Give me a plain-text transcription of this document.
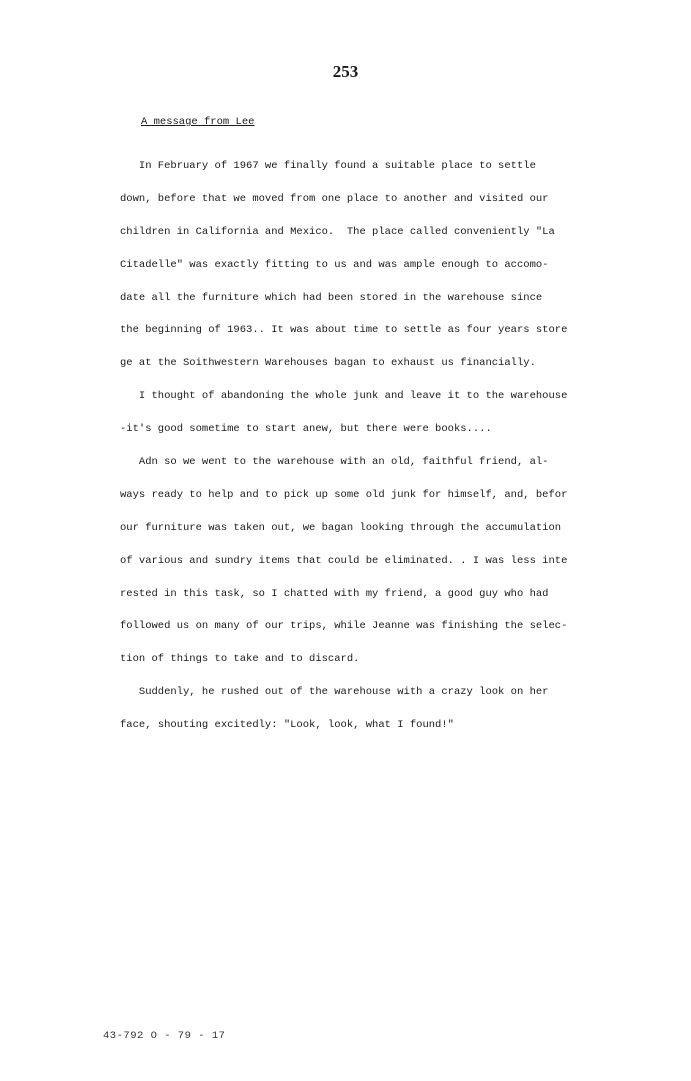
253
A message from Lee
In February of 1967 we finally found a suitable place to settle
down, before that we moved from one place to another and visited our
children in California and Mexico.  The place called conveniently "La
Citadelle" was exactly fitting to us and was ample enough to accomo-
date all the furniture which had been stored in the warehouse since
the beginning of 1963.. It was about time to settle as four years store
ge at the Soithwestern Warehouses bagan to exhaust us financially.
I thought of abandoning the whole junk and leave it to the warehouse
-it's good sometime to start anew, but there were books....
Adn so we went to the warehouse with an old, faithful friend, al-
ways ready to help and to pick up some old junk for himself, and, befor
our furniture was taken out, we bagan looking through the accumulation
of various and sundry items that could be eliminated. . I was less inte
rested in this task, so I chatted with my friend, a good guy who had
followed us on many of our trips, while Jeanne was finishing the selec-
tion of things to take and to discard.
Suddenly, he rushed out of the warehouse with a crazy look on her
face, shouting excitedly: "Look, look, what I found!"
43-792 O - 79 - 17
